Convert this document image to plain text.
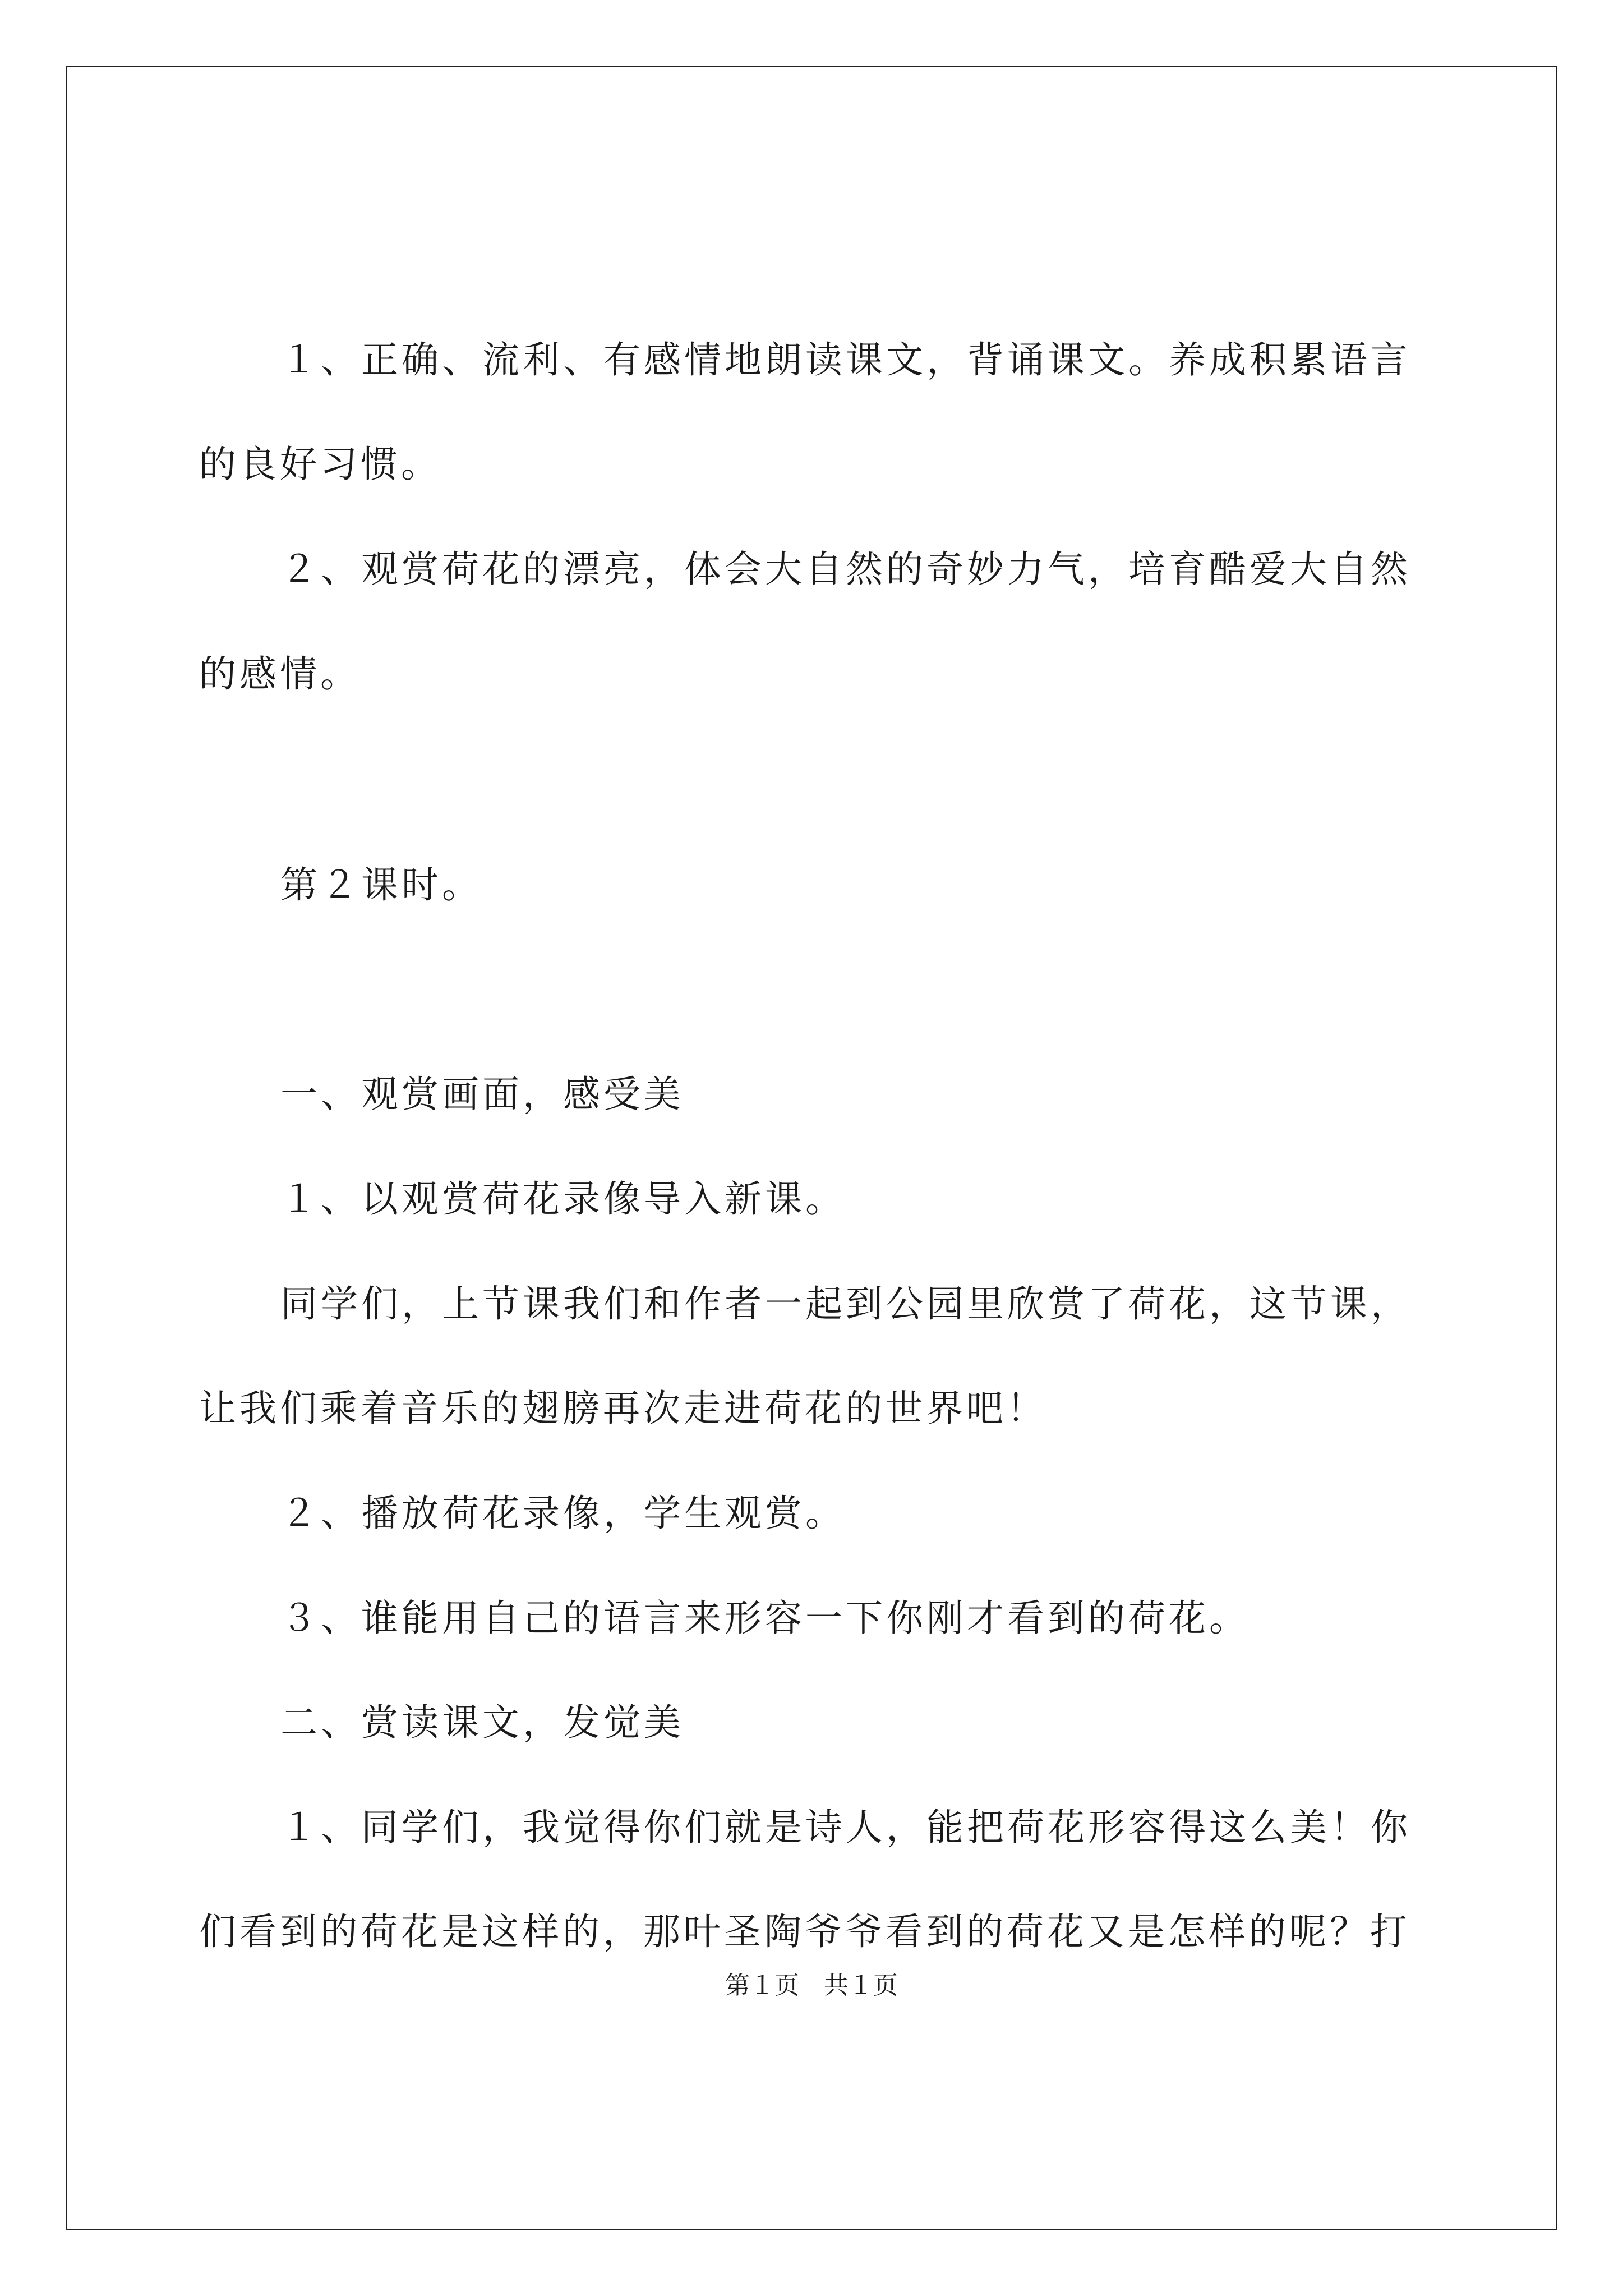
１、正确、流利、有感情地朗读课文，背诵课文。养成积累语言
的良好习惯。
２、观赏荷花的漂亮，体会大自然的奇妙力气，培育酷爱大自然
的感情。
第２课时。
一、观赏画面，感受美
１、以观赏荷花录像导入新课。
同学们，上节课我们和作者一起到公园里欣赏了荷花，这节课，
让我们乘着音乐的翅膀再次走进荷花的世界吧！
２、播放荷花录像，学生观赏。
３、谁能用自己的语言来形容一下你刚才看到的荷花。
二、赏读课文，发觉美
１、同学们，我觉得你们就是诗人，能把荷花形容得这么美！你
们看到的荷花是这样的，那叶圣陶爷爷看到的荷花又是怎样的呢？打
第１页　共１页
